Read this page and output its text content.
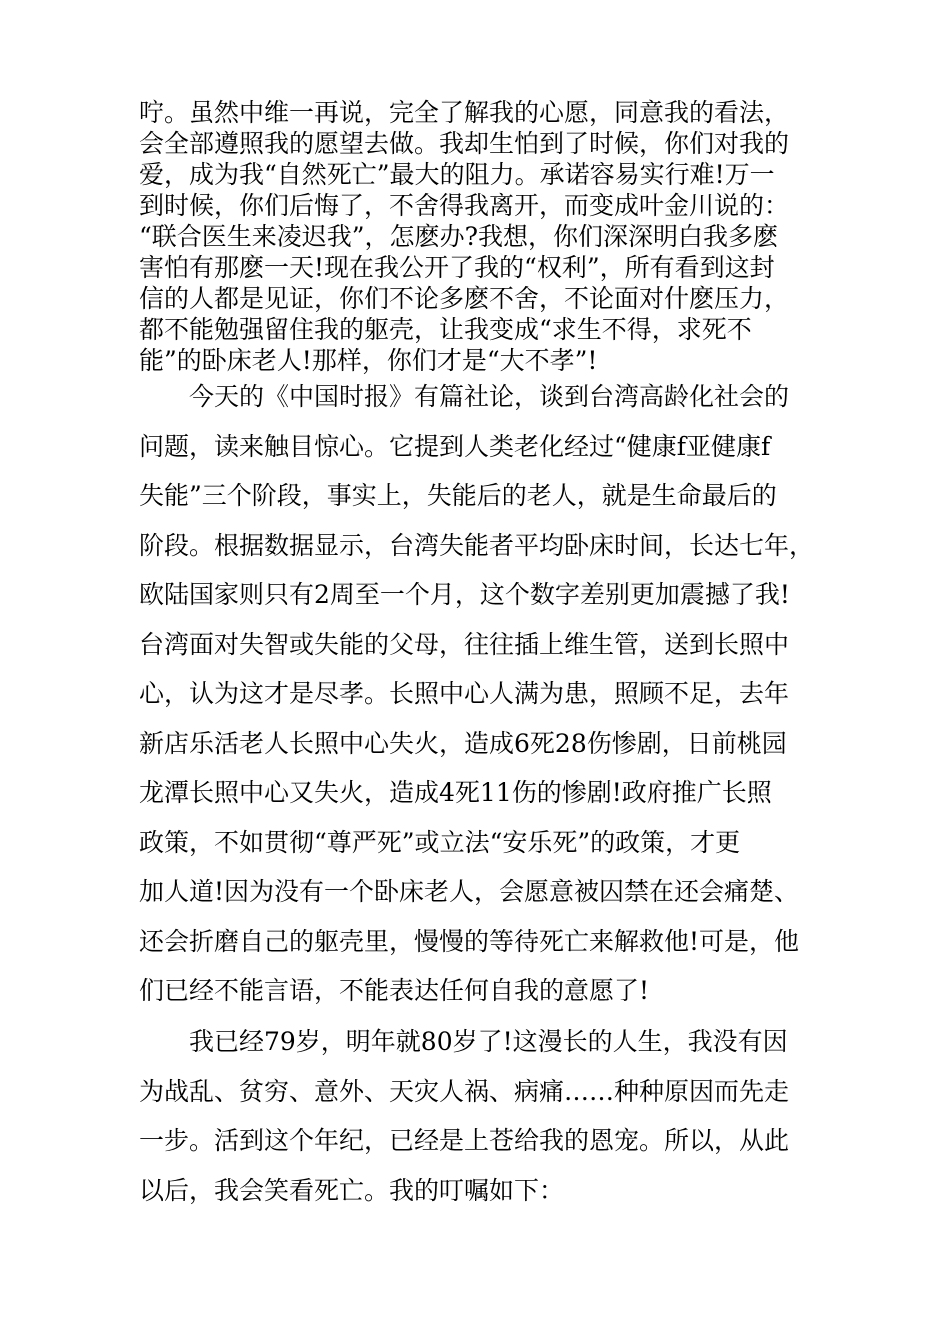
咛。虽然中维一再说，完全了解我的心愿，同意我的看法，
会全部遵照我的愿望去做。我却生怕到了时候，你们对我的
爱，成为我“自然死亡”最大的阻力。承诺容易实行难!万一
到时候，你们后悔了，不舍得我离开，而变成叶金川说的：
“联合医生来凌迟我”，怎麽办?我想，你们深深明白我多麽
害怕有那麽一天!现在我公开了我的“权利”，所有看到这封
信的人都是见证，你们不论多麽不舍，不论面对什麽压力，
都不能勉强留住我的躯壳，让我变成“求生不得，求死不
能”的卧床老人!那样，你们才是“大不孝”!
　　今天的《中国时报》有篇社论，谈到台湾高龄化社会的
问题，读来触目惊心。它提到人类老化经过“健康f亚健康f
失能”三个阶段，事实上，失能后的老人，就是生命最后的
阶段。根据数据显示，台湾失能者平均卧床时间，长达七年，
欧陆国家则只有2周至一个月，这个数字差别更加震撼了我!
台湾面对失智或失能的父母，往往插上维生管，送到长照中
心，认为这才是尽孝。长照中心人满为患，照顾不足，去年
新店乐活老人长照中心失火，造成6死28伤惨剧，日前桃园
龙潭长照中心又失火，造成4死11伤的惨剧!政府推广长照
政策，不如贯彻“尊严死”或立法“安乐死”的政策，才更
加人道!因为没有一个卧床老人，会愿意被囚禁在还会痛楚、
还会折磨自己的躯壳里，慢慢的等待死亡来解救他!可是，他
们已经不能言语，不能表达任何自我的意愿了!
　　我已经79岁，明年就80岁了!这漫长的人生，我没有因
为战乱、贫穷、意外、天灾人祸、病痛……种种原因而先走
一步。活到这个年纪，已经是上苍给我的恩宠。所以，从此
以后，我会笑看死亡。我的叮嘱如下：
